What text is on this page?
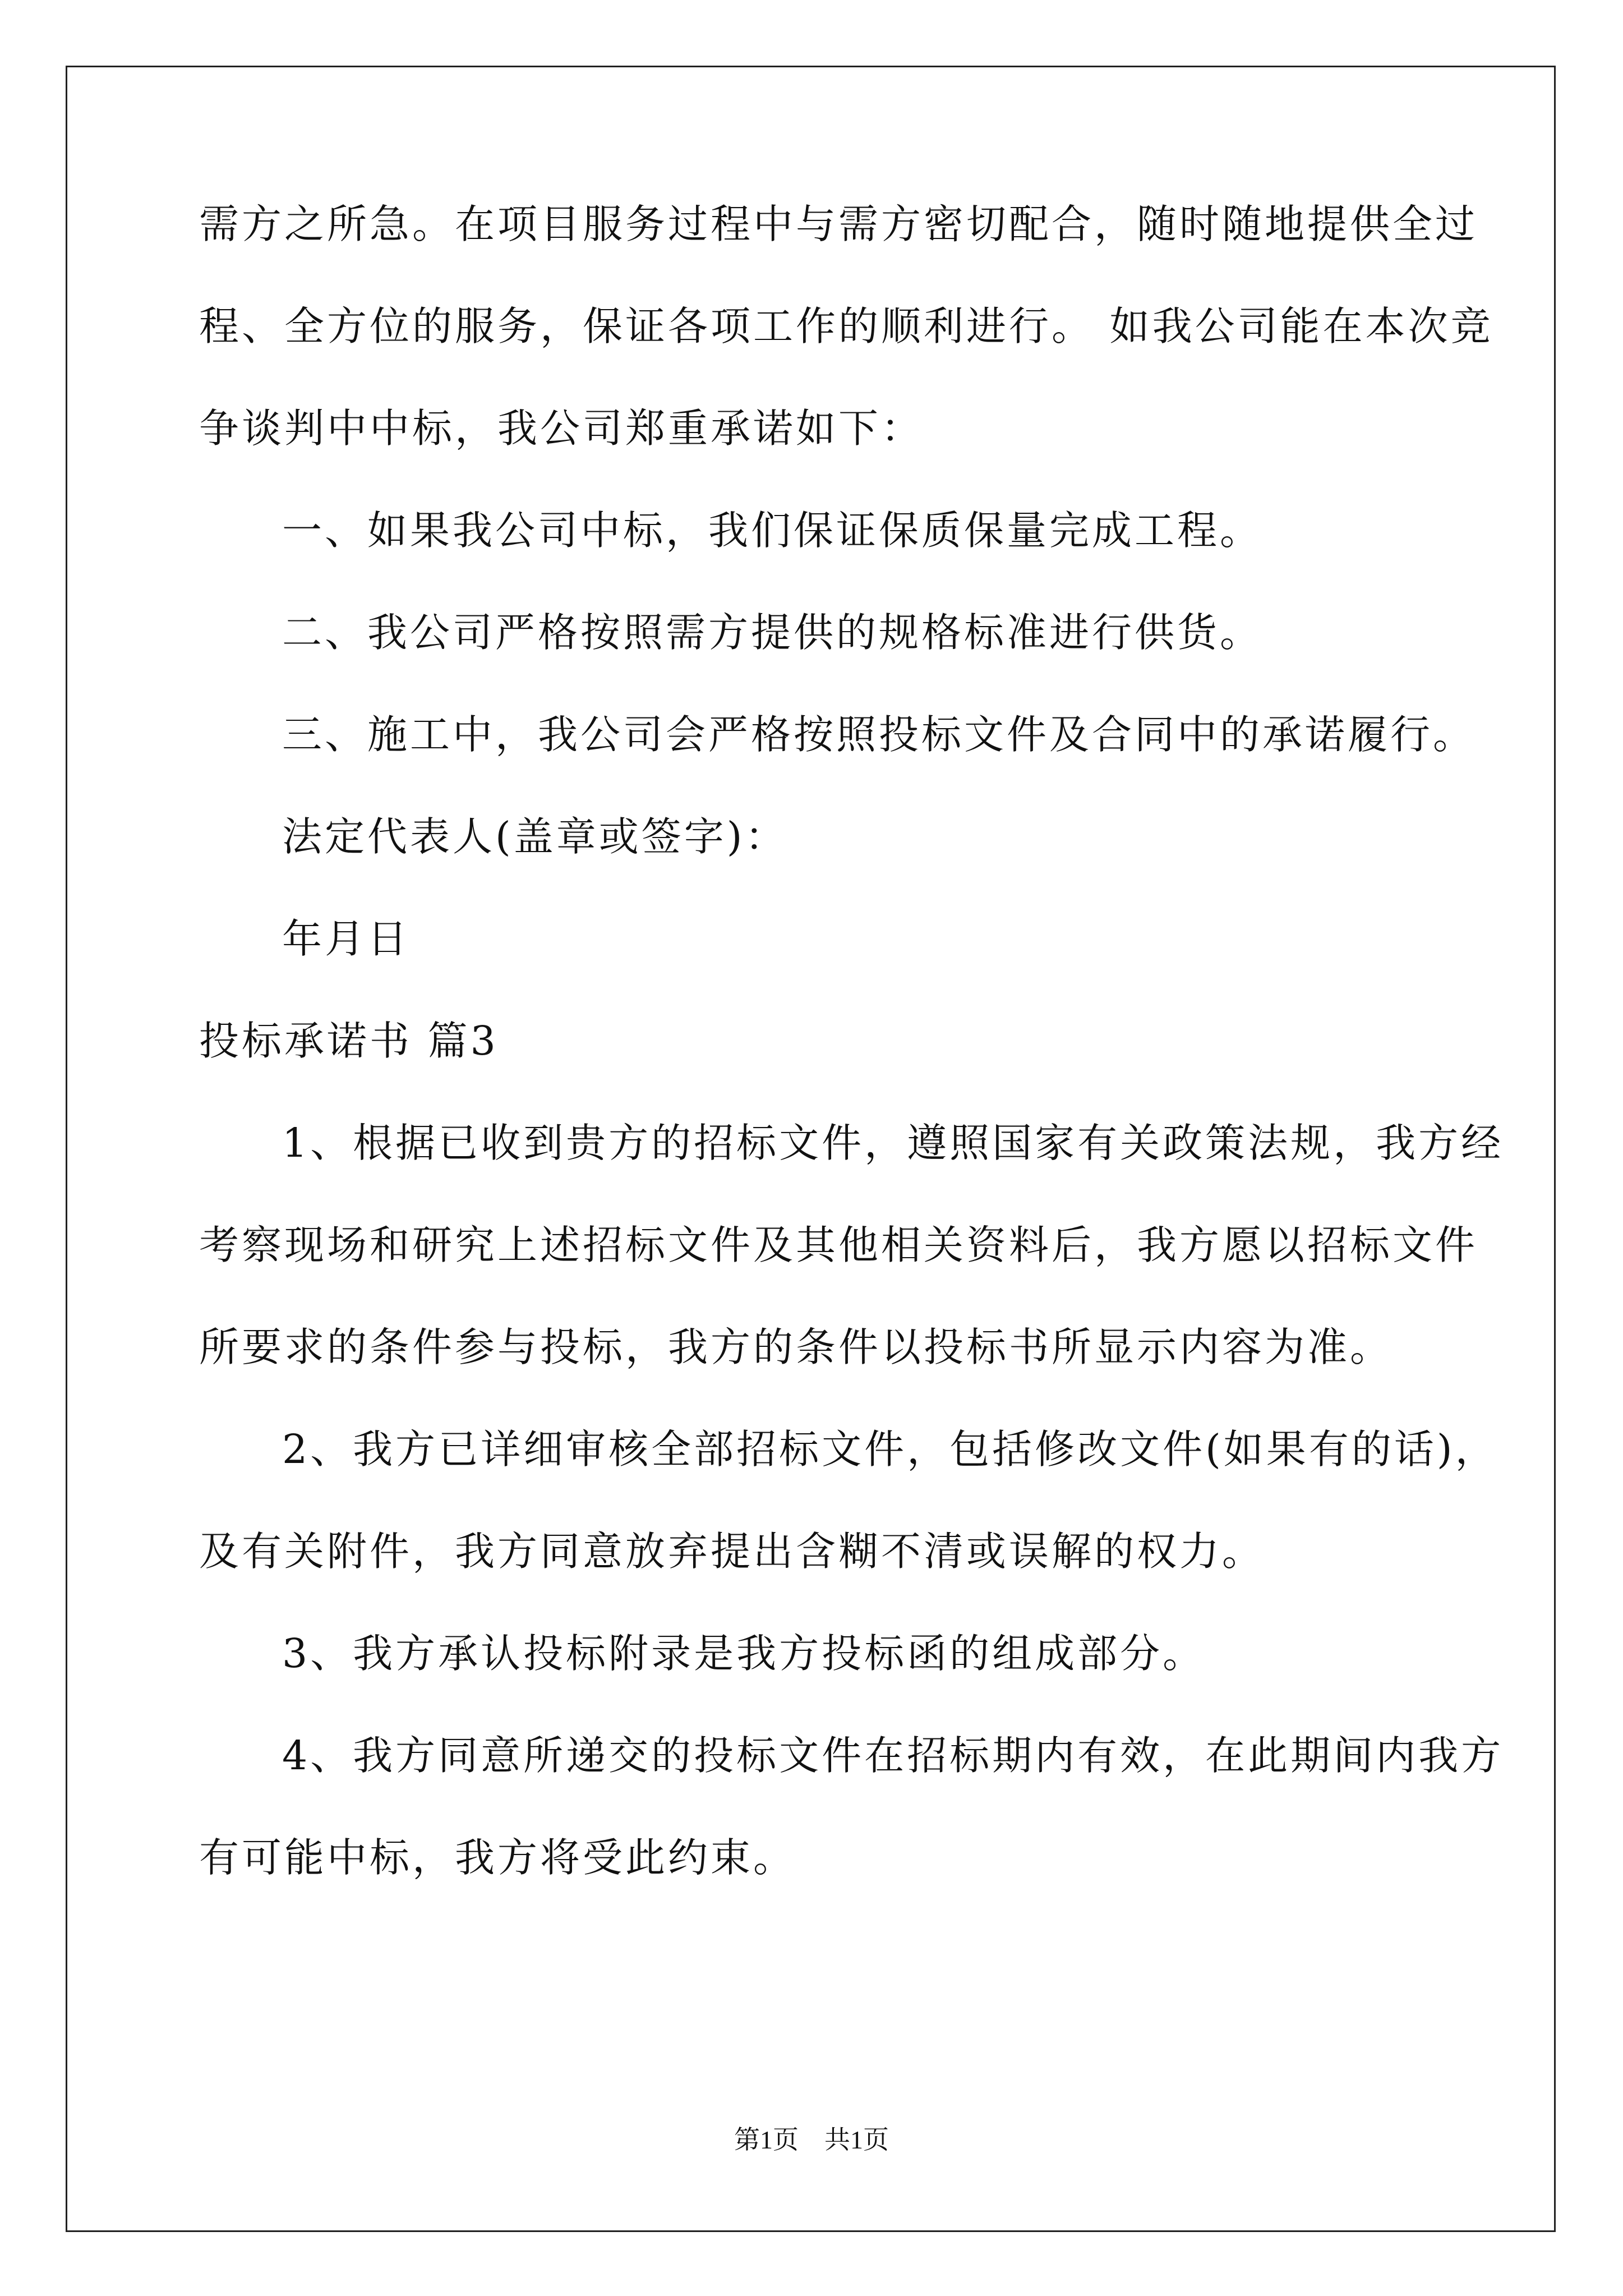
需方之所急。在项目服务过程中与需方密切配合，随时随地提供全过
程、全方位的服务，保证各项工作的顺利进行。 如我公司能在本次竞
争谈判中中标，我公司郑重承诺如下：
一、如果我公司中标，我们保证保质保量完成工程。
二、我公司严格按照需方提供的规格标准进行供货。
三、施工中，我公司会严格按照投标文件及合同中的承诺履行。
法定代表人(盖章或签字)：
年月日
投标承诺书 篇3
1、根据已收到贵方的招标文件，遵照国家有关政策法规，我方经
考察现场和研究上述招标文件及其他相关资料后，我方愿以招标文件
所要求的条件参与投标，我方的条件以投标书所显示内容为准。
2、我方已详细审核全部招标文件，包括修改文件(如果有的话)，
及有关附件，我方同意放弃提出含糊不清或误解的权力。
3、我方承认投标附录是我方投标函的组成部分。
4、我方同意所递交的投标文件在招标期内有效，在此期间内我方
有可能中标，我方将受此约束。
第1页　共1页
